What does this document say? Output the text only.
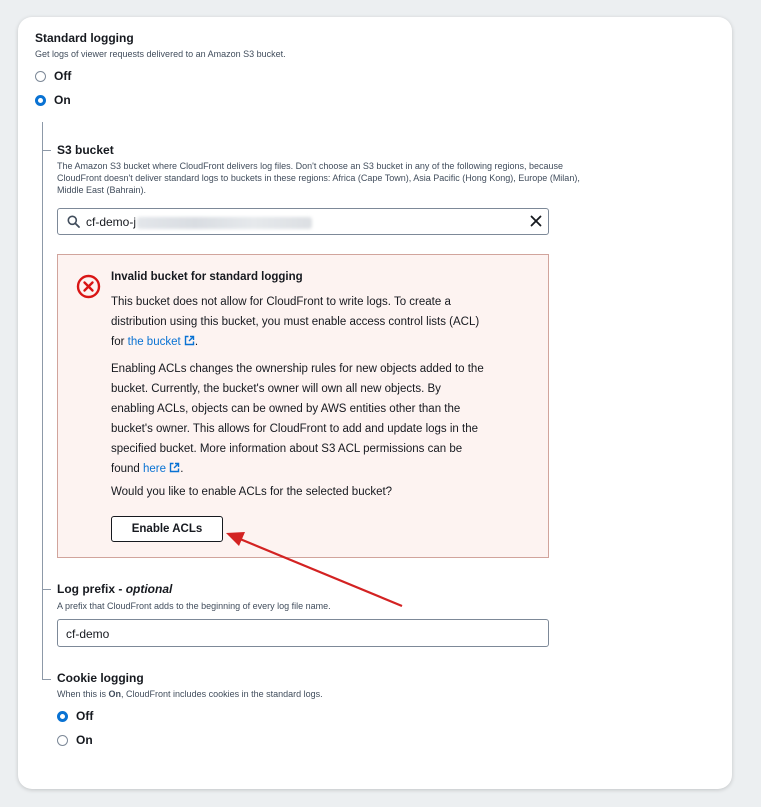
Standard logging
Get logs of viewer requests delivered to an Amazon S3 bucket.
Off
On
S3 bucket
The Amazon S3 bucket where CloudFront delivers log files. Don't choose an S3 bucket in any of the following regions, because
CloudFront doesn't deliver standard logs to buckets in these regions: Africa (Cape Town), Asia Pacific (Hong Kong), Europe (Milan),
Middle East (Bahrain).
cf-demo-j
Invalid bucket for standard logging
This bucket does not allow for CloudFront to write logs. To create a
distribution using this bucket, you must enable access control lists (ACL)
for the bucket .
Enabling ACLs changes the ownership rules for new objects added to the
bucket. Currently, the bucket's owner will own all new objects. By
enabling ACLs, objects can be owned by AWS entities other than the
bucket's owner. This allows for CloudFront to add and update logs in the
specified bucket. More information about S3 ACL permissions can be
found here .
Would you like to enable ACLs for the selected bucket?
Enable ACLs
Log prefix - optional
A prefix that CloudFront adds to the beginning of every log file name.
cf-demo
Cookie logging
When this is On, CloudFront includes cookies in the standard logs.
Off
On
